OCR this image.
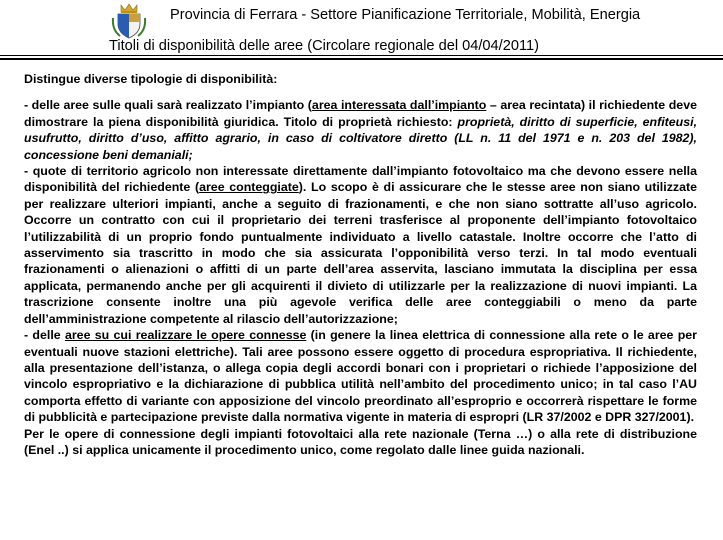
Provincia di Ferrara - Settore Pianificazione Territoriale, Mobilità, Energia
Titoli di disponibilità delle aree (Circolare regionale del 04/04/2011)

Distingue diverse tipologie di disponibilità:

- delle aree sulle quali sarà realizzato l’impianto (area interessata dall’impianto – area recintata) il richiedente deve dimostrare la piena disponibilità giuridica. Titolo di proprietà richiesto: proprietà, diritto di superficie, enfiteusi, usufrutto, diritto d’uso, affitto agrario, in caso di coltivatore diretto (LL n. 11 del 1971 e n. 203 del 1982), concessione beni demaniali;

- quote di territorio agricolo non interessate direttamente dall’impianto fotovoltaico ma che devono essere nella disponibilità del richiedente (aree conteggiate). Lo scopo è di assicurare che le stesse aree non siano utilizzate per realizzare ulteriori impianti, anche a seguito di frazionamenti, e che non siano sottratte all’uso agricolo. Occorre un contratto con cui il proprietario dei terreni trasferisce al proponente dell’impianto fotovoltaico l’utilizzabilità di un proprio fondo puntualmente individuato a livello catastale. Inoltre occorre che l’atto di asservimento sia trascritto in modo che sia assicurata l’opponibilità verso terzi. In tal modo eventuali frazionamenti o alienazioni o affitti di un parte dell’area asservita, lasciano immutata la disciplina per essa applicata, permanendo anche per gli acquirenti il divieto di utilizzarle per la realizzazione di nuovi impianti. La trascrizione consente inoltre una più agevole verifica delle aree conteggiabili o meno da parte dell’amministrazione competente al rilascio dell’autorizzazione;

- delle aree su cui realizzare le opere connesse (in genere la linea elettrica di connessione alla rete o le aree per eventuali nuove stazioni elettriche). Tali aree possono essere oggetto di procedura espropriativa. Il richiedente, alla presentazione dell’istanza, o allega copia degli accordi bonari con i proprietari o richiede l’apposizione del vincolo espropriativo e la dichiarazione di pubblica utilità nell’ambito del procedimento unico; in tal caso l’AU comporta effetto di variante con apposizione del vincolo preordinato all’esproprio e occorrerà rispettare le forme di pubblicità e partecipazione previste dalla normativa vigente in materia di espropri (LR 37/2002 e DPR 327/2001).

Per le opere di connessione degli impianti fotovoltaici alla rete nazionale (Terna …) o alla rete di distribuzione (Enel ..) si applica unicamente il procedimento unico, come regolato dalle linee guida nazionali.
